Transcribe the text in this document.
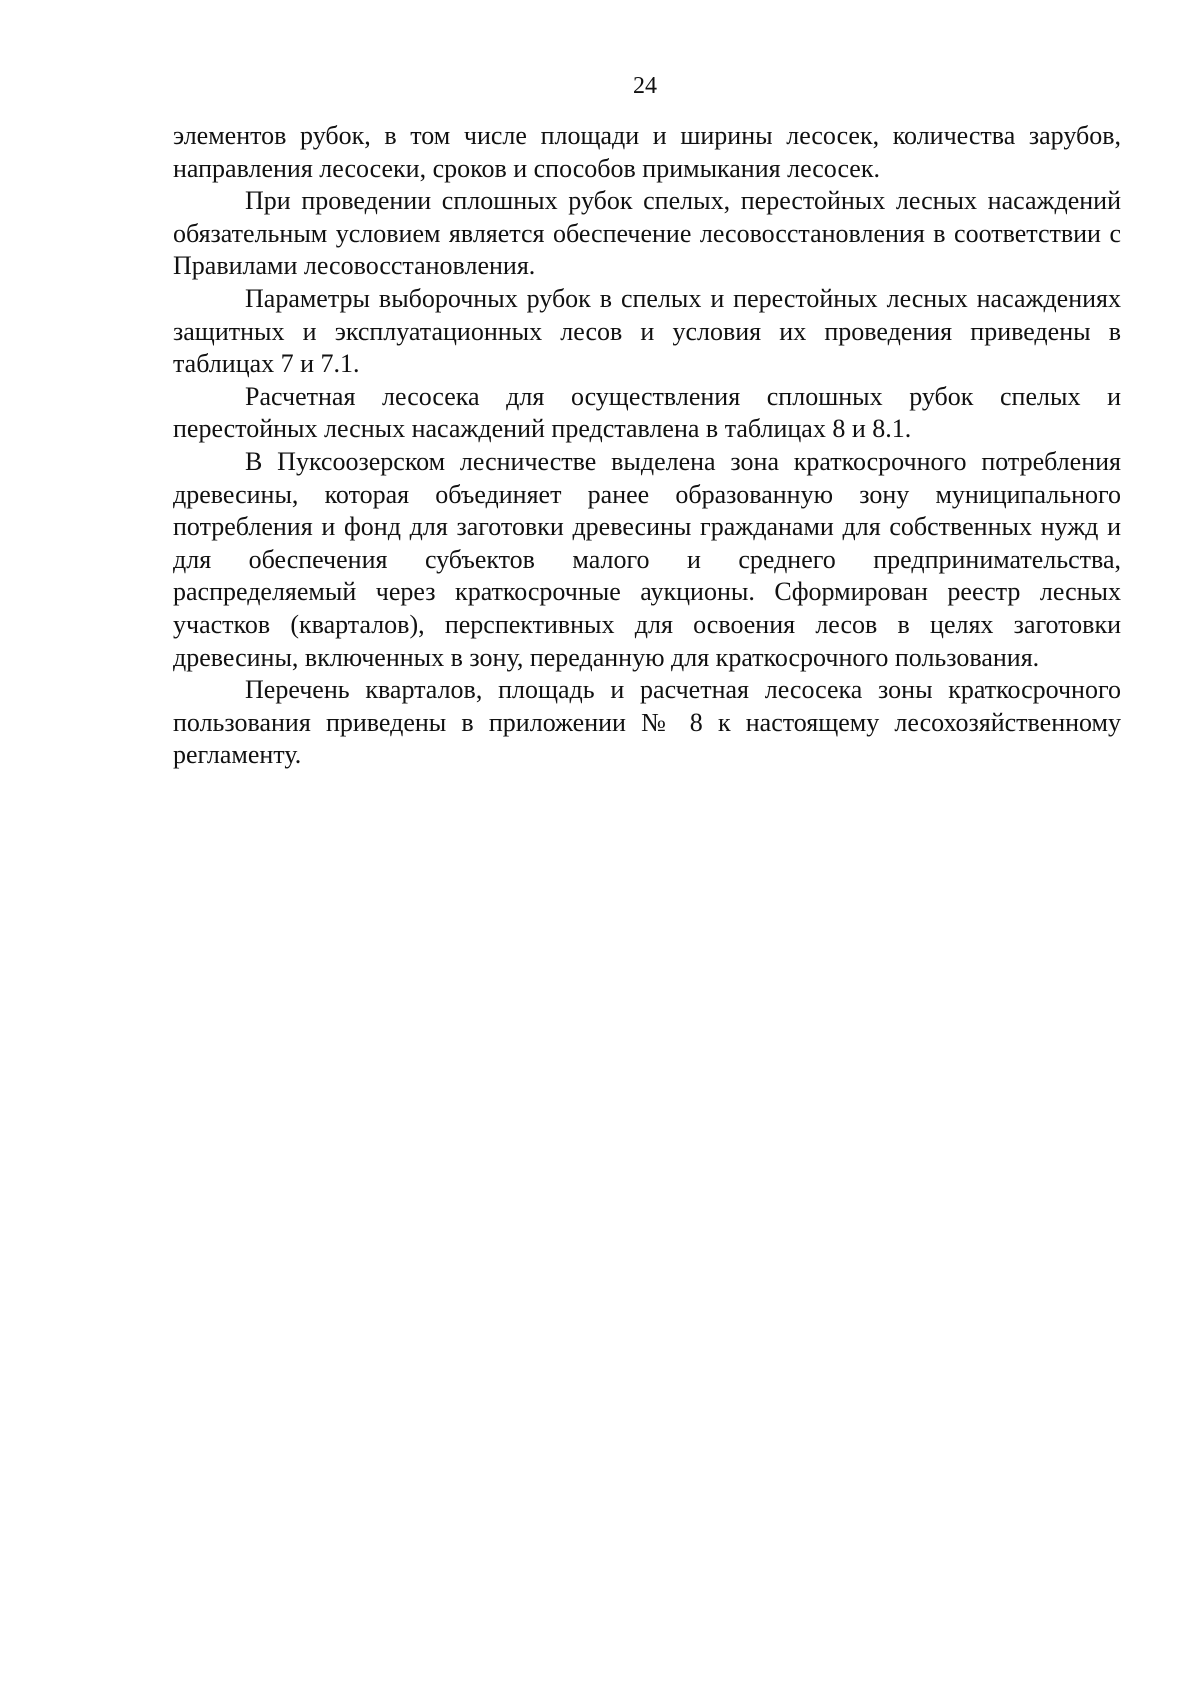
24

элементов рубок, в том числе площади и ширины лесосек, количества зарубов, направления лесосеки, сроков и способов примыкания лесосек.

При проведении сплошных рубок спелых, перестойных лесных насаждений обязательным условием является обеспечение лесовосстановления в соответствии с Правилами лесовосстановления.

Параметры выборочных рубок в спелых и перестойных лесных насаждениях защитных и эксплуатационных лесов и условия их проведения приведены в таблицах 7 и 7.1.

Расчетная лесосека для осуществления сплошных рубок спелых и перестойных лесных насаждений представлена в таблицах 8 и 8.1.

В Пуксоозерском лесничестве выделена зона краткосрочного потребления древесины, которая объединяет ранее образованную зону муниципального потребления и фонд для заготовки древесины гражданами для собственных нужд и для обеспечения субъектов малого и среднего предпринимательства, распределяемый через краткосрочные аукционы. Сформирован реестр лесных участков (кварталов), перспективных для освоения лесов в целях заготовки древесины, включенных в зону, переданную для краткосрочного пользования.

Перечень кварталов, площадь и расчетная лесосека зоны краткосрочного пользования приведены в приложении № 8 к настоящему лесохозяйственному регламенту.
